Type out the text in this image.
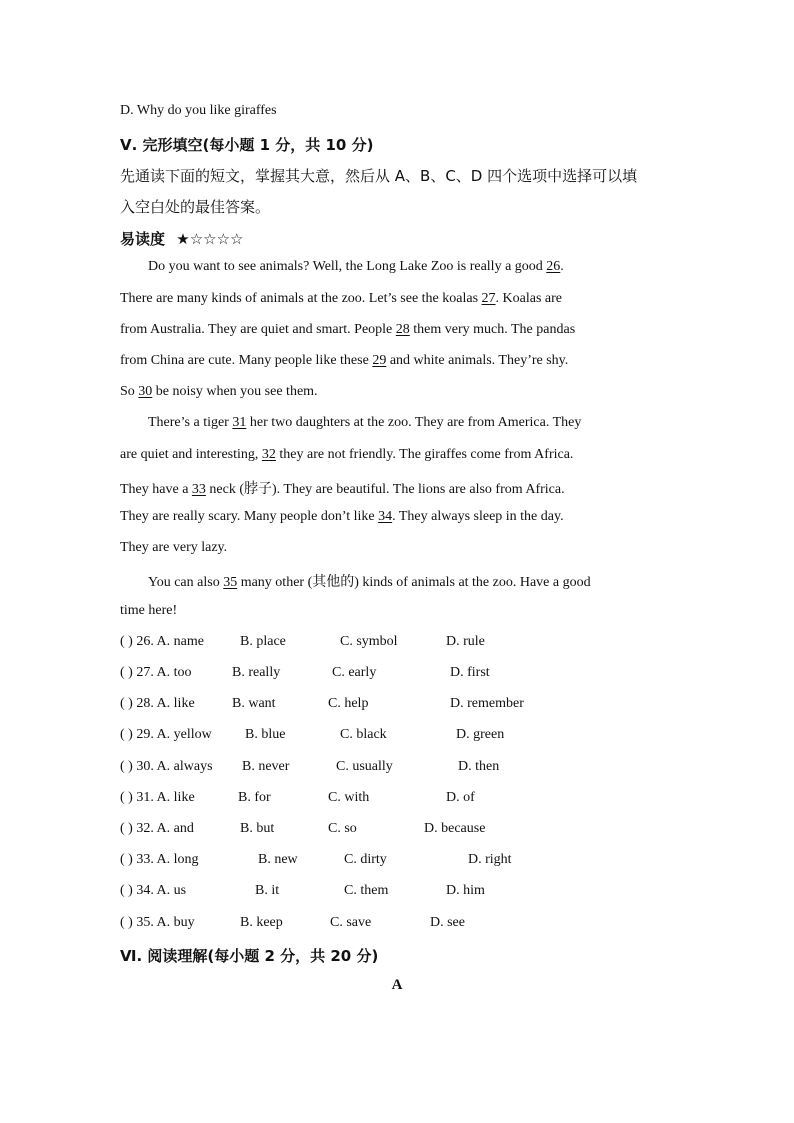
D. Why do you like giraffes
Ⅴ. 完形填空(每小题 1 分，共 10 分)
先通读下面的短文，掌握其大意，然后从 A、B、C、D 四个选项中选择可以填
入空白处的最佳答案。
易读度 ★☆☆☆☆
Do you want to see animals? Well, the Long Lake Zoo is really a good 26.
There are many kinds of animals at the zoo. Let’s see the koalas 27. Koalas are
from Australia. They are quiet and smart. People 28 them very much. The pandas
from China are cute. Many people like these 29 and white animals. They’re shy.
So 30 be noisy when you see them.
There’s a tiger 31 her two daughters at the zoo. They are from America. They
are quiet and interesting, 32 they are not friendly. The giraffes come from Africa.
They have a 33 neck (脖子). They are beautiful. The lions are also from Africa.
They are really scary. Many people don’t like 34. They always sleep in the day.
They are very lazy.
You can also 35 many other (其他的) kinds of animals at the zoo. Have a good
time here!
( ) 26. A. name	B. place	C. symbol	D. rule
( ) 27. A. too	B. really	C. early	D. first
( ) 28. A. like	B. want	C. help	D. remember
( ) 29. A. yellow B. blue	C. black	D. green
( ) 30. A. always B. never	C. usually	D. then
( ) 31. A. like	B. for	C. with	D. of
( ) 32. A. and	B. but	C. so	D. because
( ) 33. A. long	B. new	C. dirty	D. right
( ) 34. A. us	B. it	C. them	D. him
( ) 35. A. buy	B. keep	C. save	D. see
Ⅵ. 阅读理解(每小题 2 分，共 20 分)
A
